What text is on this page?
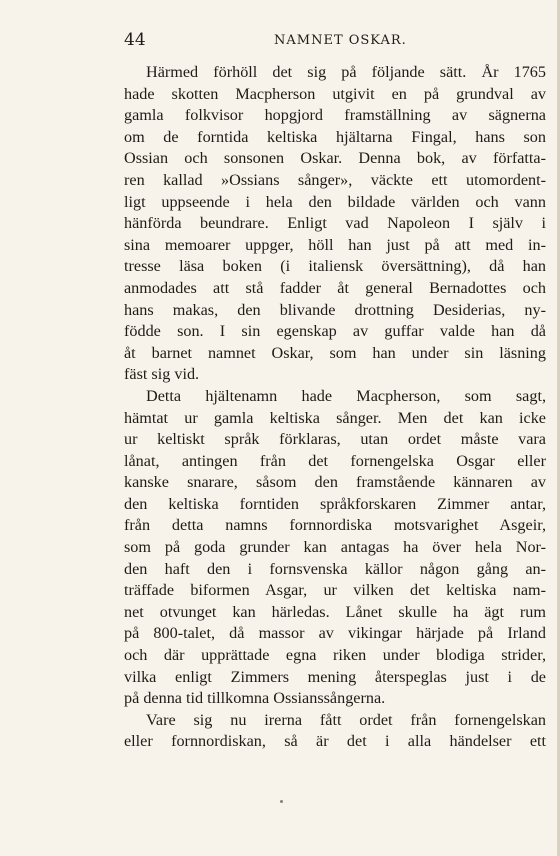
44	NAMNET OSKAR.
Härmed förhöll det sig på följande sätt. År 1765
hade skotten Macpherson utgivit en på grundval av
gamla folkvisor hopgjord framställning av sägnerna
om de forntida keltiska hjältarna Fingal, hans son
Ossian och sonsonen Oskar. Denna bok, av författa-
ren kallad »Ossians sånger», väckte ett utomordent-
ligt uppseende i hela den bildade världen och vann
hänförda beundrare. Enligt vad Napoleon I själv i
sina memoarer uppger, höll han just på att med in-
tresse läsa boken (i italiensk översättning), då han
anmodades att stå fadder åt general Bernadottes och
hans makas, den blivande drottning Desiderias, ny-
födde son. I sin egenskap av guffar valde han då
åt barnet namnet Oskar, som han under sin läsning
fäst sig vid.
Detta hjältenamn hade Macpherson, som sagt,
hämtat ur gamla keltiska sånger. Men det kan icke
ur keltiskt språk förklaras, utan ordet måste vara
lånat, antingen från det fornengelska Osgar eller
kanske snarare, såsom den framstående kännaren av
den keltiska forntiden språkforskaren Zimmer antar,
från detta namns fornnordiska motsvarighet Asgeir,
som på goda grunder kan antagas ha över hela Nor-
den haft den i fornsvenska källor någon gång an-
träffade biformen Asgar, ur vilken det keltiska nam-
net otvunget kan härledas. Lånet skulle ha ägt rum
på 800-talet, då massor av vikingar härjade på Irland
och där upprättade egna riken under blodiga strider,
vilka enligt Zimmers mening återspeglas just i de
på denna tid tillkomna Ossianssångerna.
Vare sig nu irerna fått ordet från fornengelskan
eller fornnordiskan, så är det i alla händelser ett
